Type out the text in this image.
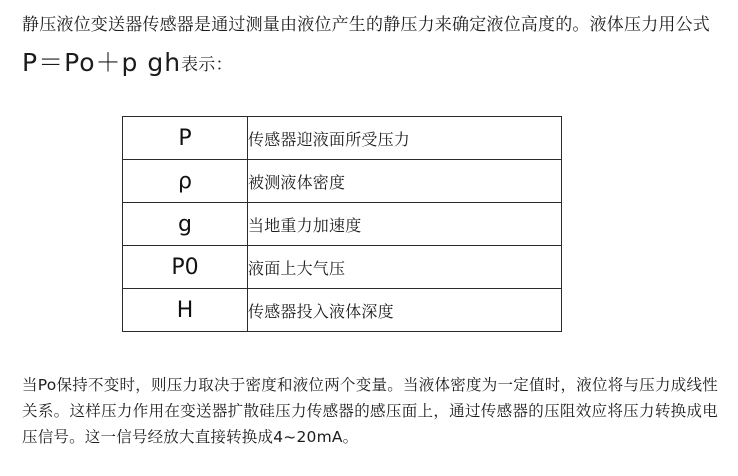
静压液位变送器传感器是通过测量由液位产生的静压力来确定液位高度的。液体压力用公式P＝Po＋p gh表示：
P	传感器迎液面所受压力
ρ	被测液体密度
g	当地重力加速度
P0	液面上大气压
H	传感器投入液体深度

当Po保持不变时，则压力取决于密度和液位两个变量。当液体密度为一定值时，液位将与压力成线性关系。这样压力作用在变送器扩散硅压力传感器的感压面上，通过传感器的压阻效应将压力转换成电压信号。这一信号经放大直接转换成4~20mA。
